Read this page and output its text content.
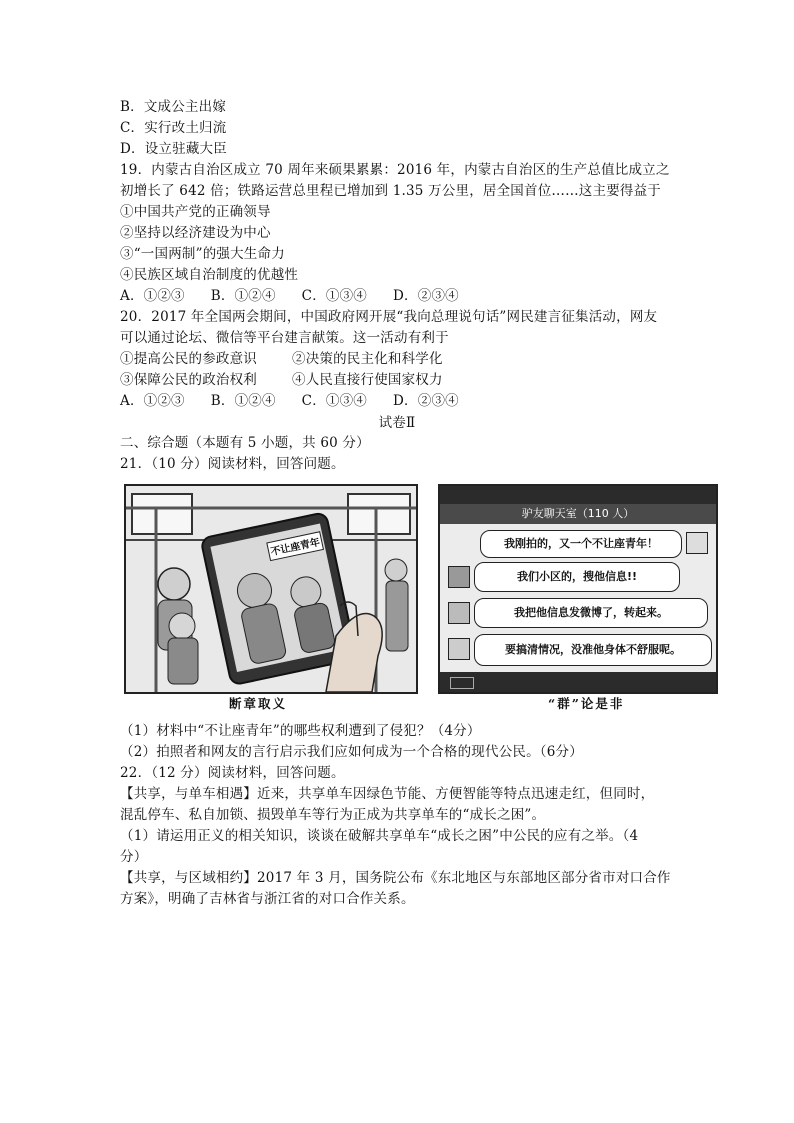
B．文成公主出嫁
C．实行改土归流
D．设立驻藏大臣
19．内蒙古自治区成立 70 周年来硕果累累：2016 年，内蒙古自治区的生产总值比成立之
初增长了 642 倍；铁路运营总里程已增加到 1.35 万公里，居全国首位……这主要得益于
①中国共产党的正确领导
②坚持以经济建设为中心
③“一国两制”的强大生命力
④民族区域自治制度的优越性
A．①②③ B．①②④ C．①③④ D．②③④
20．2017 年全国两会期间，中国政府网开展“我向总理说句话”网民建言征集活动，网友
可以通过论坛、微信等平台建言献策。这一活动有利于
①提高公民的参政意识	②决策的民主化和科学化
③保障公民的政治权利	④人民直接行使国家权力
A．①②③ B．①②④ C．①③④ D．②③④
试卷Ⅱ
二、综合题（本题有 5 小题，共 60 分）
21．（10 分）阅读材料，回答问题。
不让座青年
驴友聊天室（110 人）
我刚拍的，又一个不让座青年！
我们小区的，搜他信息!!
我把他信息发微博了，转起来。
要搞清情况，没准他身体不舒服呢。
断章取义	“群”论是非
（1）材料中“不让座青年”的哪些权利遭到了侵犯？（4分）
（2）拍照者和网友的言行启示我们应如何成为一个合格的现代公民。（6分）
22．（12 分）阅读材料，回答问题。
【共享，与单车相遇】近来，共享单车因绿色节能、方便智能等特点迅速走红，但同时，
混乱停车、私自加锁、损毁单车等行为正成为共享单车的“成长之困”。
（1）请运用正义的相关知识，谈谈在破解共享单车“成长之困”中公民的应有之举。（4
分）
【共享，与区域相约】2017 年 3 月，国务院公布《东北地区与东部地区部分省市对口合作
方案》，明确了吉林省与浙江省的对口合作关系。
